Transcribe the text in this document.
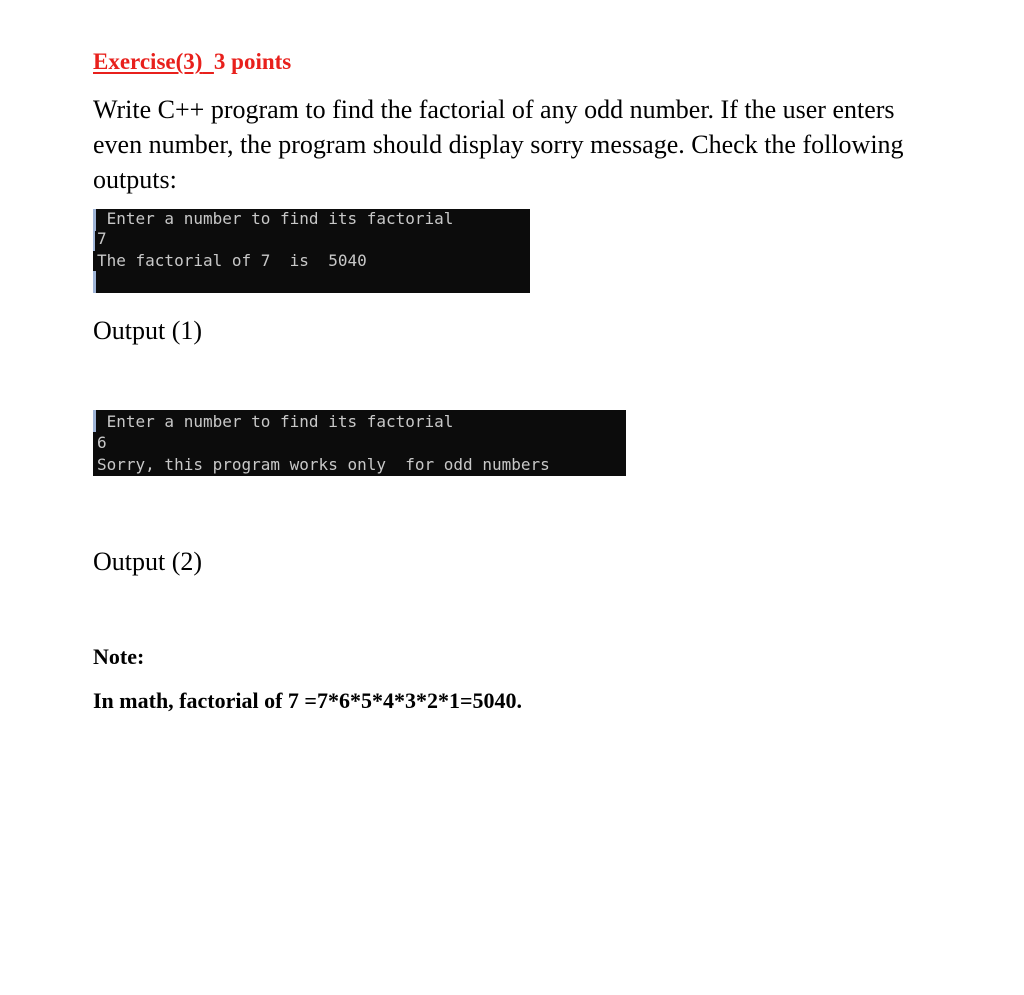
Exercise(3) 3 points
Write C++ program to find the factorial of any odd number. If the user enters even number, the program should display sorry message. Check the following outputs:
Enter a number to find its factorial
7
The factorial of 7  is  5040
Output (1)
Enter a number to find its factorial
6
Sorry, this program works only  for odd numbers
Output (2)
Note:
In math, factorial of 7 =7*6*5*4*3*2*1=5040.
